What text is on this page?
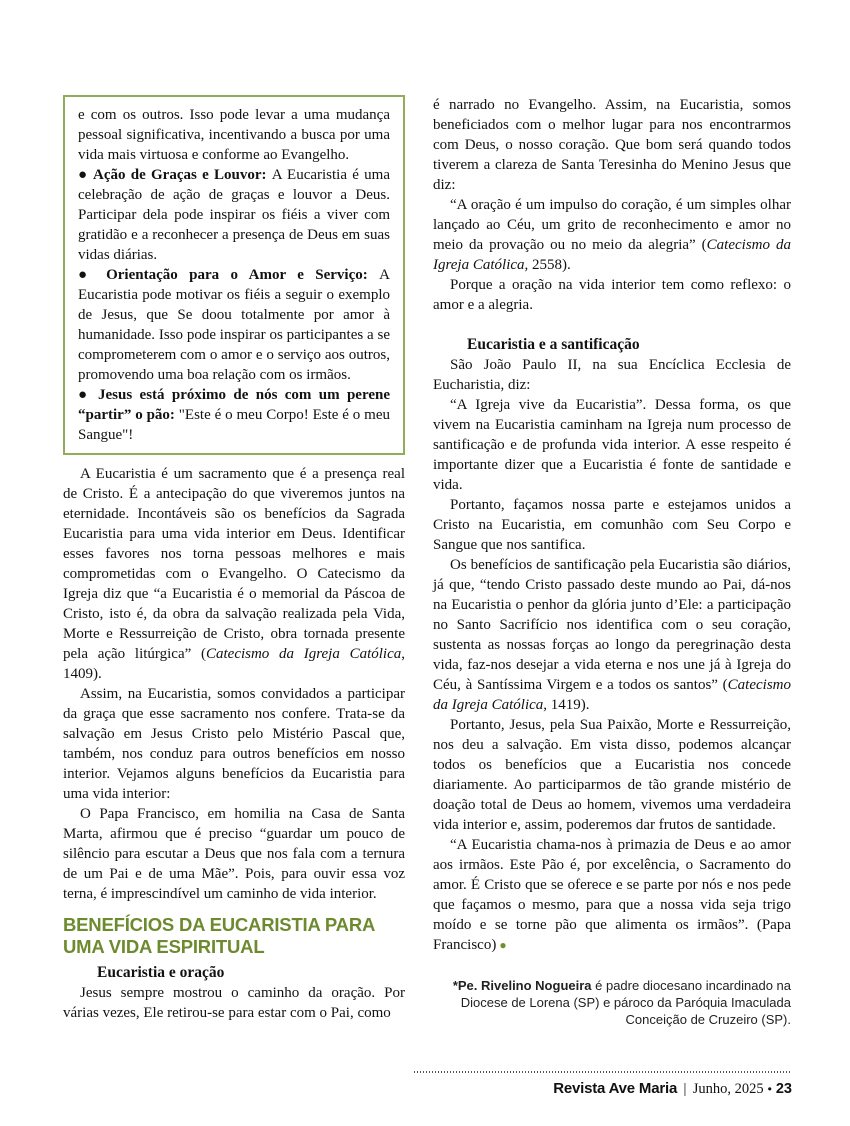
e com os outros. Isso pode levar a uma mudança pessoal significativa, incentivando a busca por uma vida mais virtuosa e conforme ao Evangelho.

● Ação de Graças e Louvor: A Eucaristia é uma celebração de ação de graças e louvor a Deus. Participar dela pode inspirar os fiéis a viver com gratidão e a reconhecer a presença de Deus em suas vidas diárias.

● Orientação para o Amor e Serviço: A Eucaristia pode motivar os fiéis a seguir o exemplo de Jesus, que Se doou totalmente por amor à humanidade. Isso pode inspirar os participantes a se comprometerem com o amor e o serviço aos outros, promovendo uma boa relação com os irmãos.

● Jesus está próximo de nós com um perene “partir” o pão: "Este é o meu Corpo! Este é o meu Sangue"!

A Eucaristia é um sacramento que é a presença real de Cristo. É a antecipação do que viveremos juntos na eternidade. Incontáveis são os benefícios da Sagrada Eucaristia para uma vida interior em Deus. Identificar esses favores nos torna pessoas melhores e mais comprometidas com o Evangelho. O Catecismo da Igreja diz que “a Eucaristia é o memorial da Páscoa de Cristo, isto é, da obra da salvação realizada pela Vida, Morte e Ressurreição de Cristo, obra tornada presente pela ação litúrgica” (Catecismo da Igreja Católica, 1409).

Assim, na Eucaristia, somos convidados a participar da graça que esse sacramento nos confere. Trata-se da salvação em Jesus Cristo pelo Mistério Pascal que, também, nos conduz para outros benefícios em nosso interior. Vejamos alguns benefícios da Eucaristia para uma vida interior:

O Papa Francisco, em homilia na Casa de Santa Marta, afirmou que é preciso “guardar um pouco de silêncio para escutar a Deus que nos fala com a ternura de um Pai e de uma Mãe”. Pois, para ouvir essa voz terna, é imprescindível um caminho de vida interior.

BENEFÍCIOS DA EUCARISTIA PARA UMA VIDA ESPIRITUAL
Eucaristia e oração

Jesus sempre mostrou o caminho da oração. Por várias vezes, Ele retirou-se para estar com o Pai, como

é narrado no Evangelho. Assim, na Eucaristia, somos beneficiados com o melhor lugar para nos encontrarmos com Deus, o nosso coração. Que bom será quando todos tiverem a clareza de Santa Teresinha do Menino Jesus que diz:

“A oração é um impulso do coração, é um simples olhar lançado ao Céu, um grito de reconhecimento e amor no meio da provação ou no meio da alegria” (Catecismo da Igreja Católica, 2558).

Porque a oração na vida interior tem como reflexo: o amor e a alegria.

Eucaristia e a santificação

São João Paulo II, na sua Encíclica Ecclesia de Eucharistia, diz:

“A Igreja vive da Eucaristia”. Dessa forma, os que vivem na Eucaristia caminham na Igreja num processo de santificação e de profunda vida interior. A esse respeito é importante dizer que a Eucaristia é fonte de santidade e vida.

Portanto, façamos nossa parte e estejamos unidos a Cristo na Eucaristia, em comunhão com Seu Corpo e Sangue que nos santifica.

Os benefícios de santificação pela Eucaristia são diários, já que, “tendo Cristo passado deste mundo ao Pai, dá-nos na Eucaristia o penhor da glória junto d’Ele: a participação no Santo Sacrifício nos identifica com o seu coração, sustenta as nossas forças ao longo da peregrinação desta vida, faz-nos desejar a vida eterna e nos une já à Igreja do Céu, à Santíssima Virgem e a todos os santos” (Catecismo da Igreja Católica, 1419).

Portanto, Jesus, pela Sua Paixão, Morte e Ressurreição, nos deu a salvação. Em vista disso, podemos alcançar todos os benefícios que a Eucaristia nos concede diariamente. Ao participarmos de tão grande mistério de doação total de Deus ao homem, vivemos uma verdadeira vida interior e, assim, poderemos dar frutos de santidade.

“A Eucaristia chama-nos à primazia de Deus e ao amor aos irmãos. Este Pão é, por excelência, o Sacramento do amor. É Cristo que se oferece e se parte por nós e nos pede que façamos o mesmo, para que a nossa vida seja trigo moído e se torne pão que alimenta os irmãos”. (Papa Francisco) ●

*Pe. Rivelino Nogueira é padre diocesano incardinado na Diocese de Lorena (SP) e pároco da Paróquia Imaculada Conceição de Cruzeiro (SP).
Revista Ave Maria | Junho, 2025 • 23
